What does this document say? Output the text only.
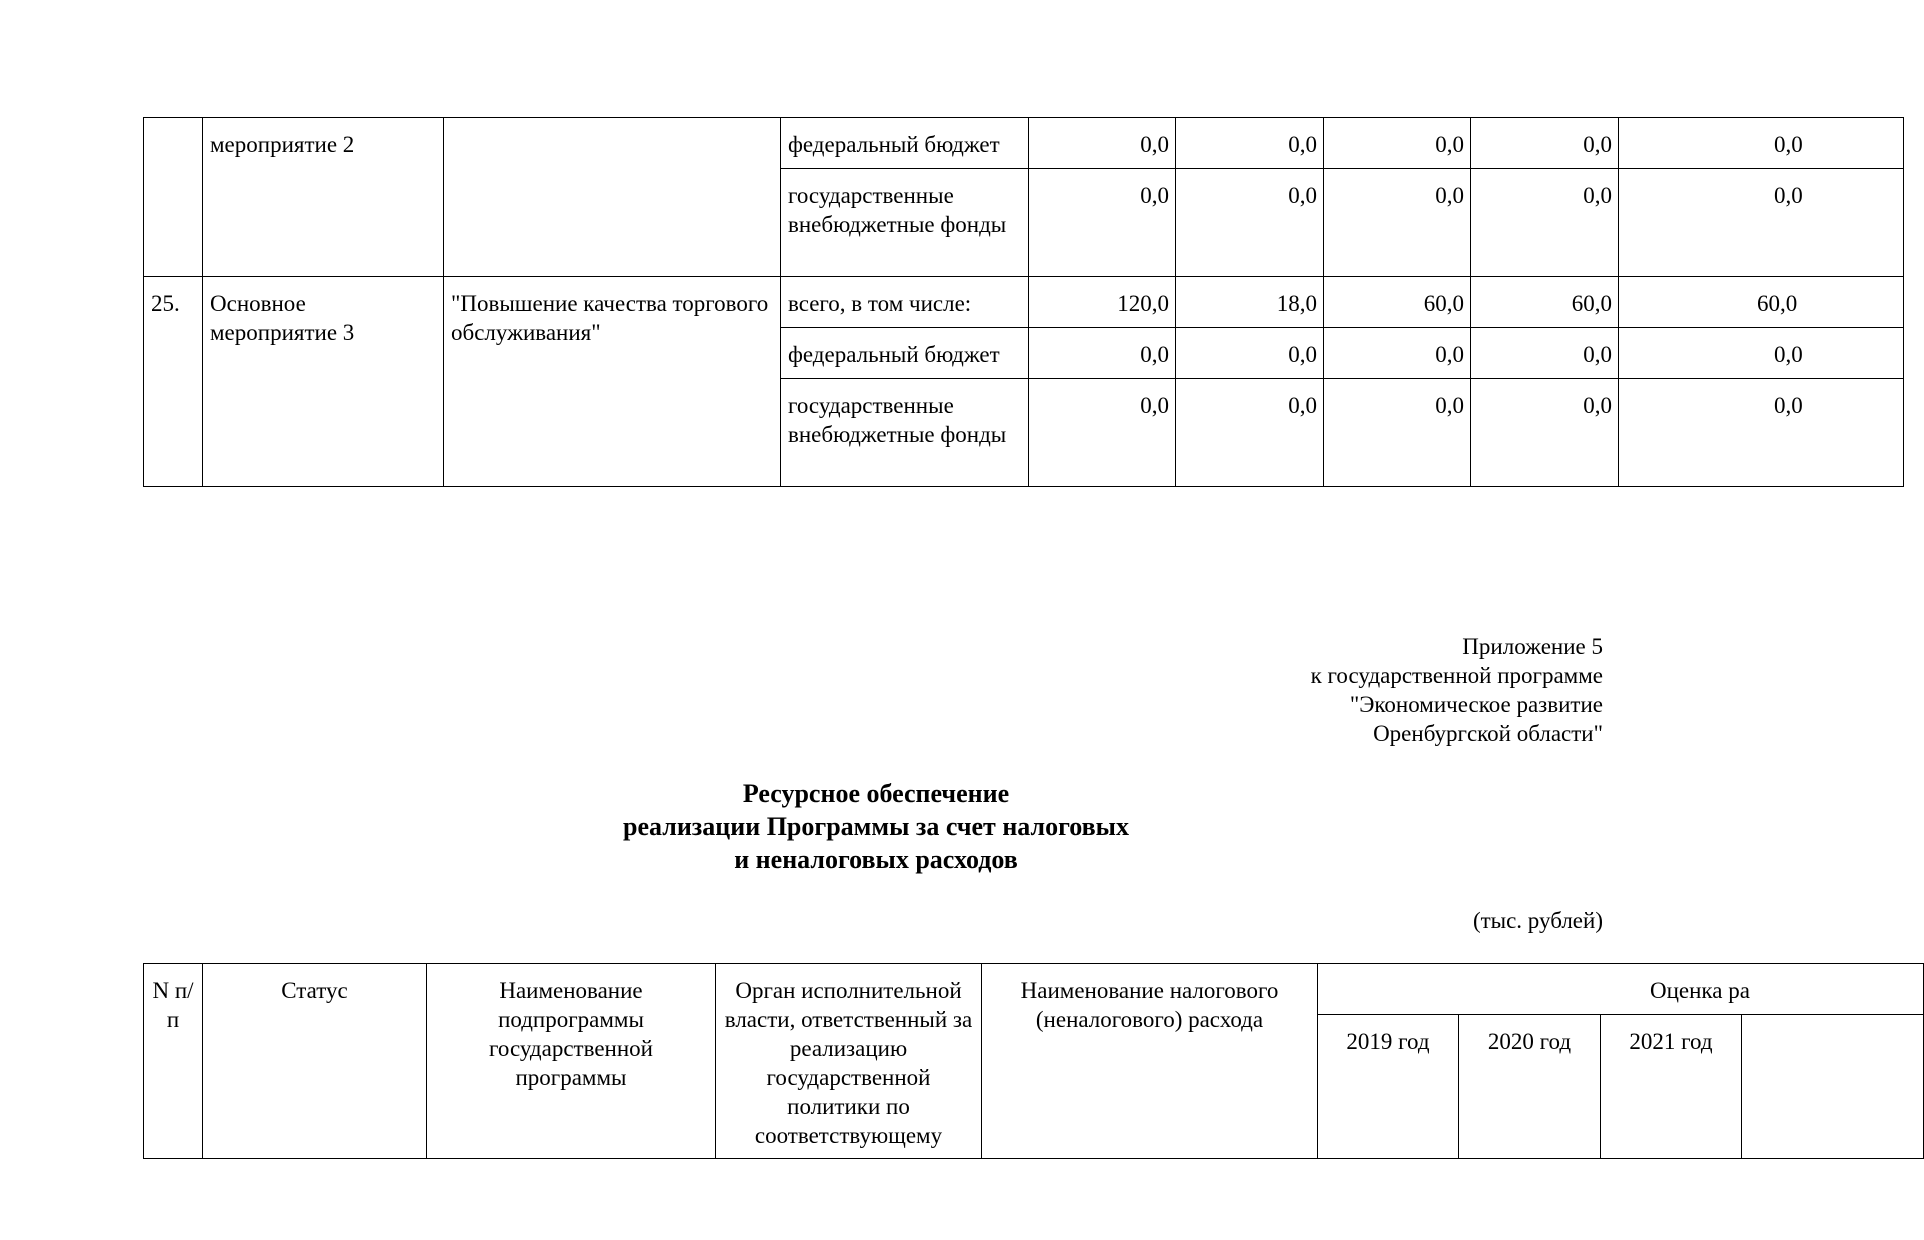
	мероприятие 2		федеральный бюджет	0,0	0,0	0,0	0,0	0,0
			государственные внебюджетные фонды	0,0	0,0	0,0	0,0	0,0
25.	Основное мероприятие 3	"Повышение качества торгового обслуживания"	всего, в том числе:	120,0	18,0	60,0	60,0	60,0
			федеральный бюджет	0,0	0,0	0,0	0,0	0,0
			государственные внебюджетные фонды	0,0	0,0	0,0	0,0	0,0
Приложение 5
к государственной программе
"Экономическое развитие
Оренбургской области"
Ресурсное обеспечение
реализации Программы за счет налоговых
и неналоговых расходов
(тыс. рублей)
N п/п	Статус	Наименование подпрограммы государственной программы	Орган исполнительной власти, ответственный за реализацию государственной политики по соответствующему	Наименование налогового (неналогового) расхода	Оценка ра			
					2019 год	2020 год	2021 год	
